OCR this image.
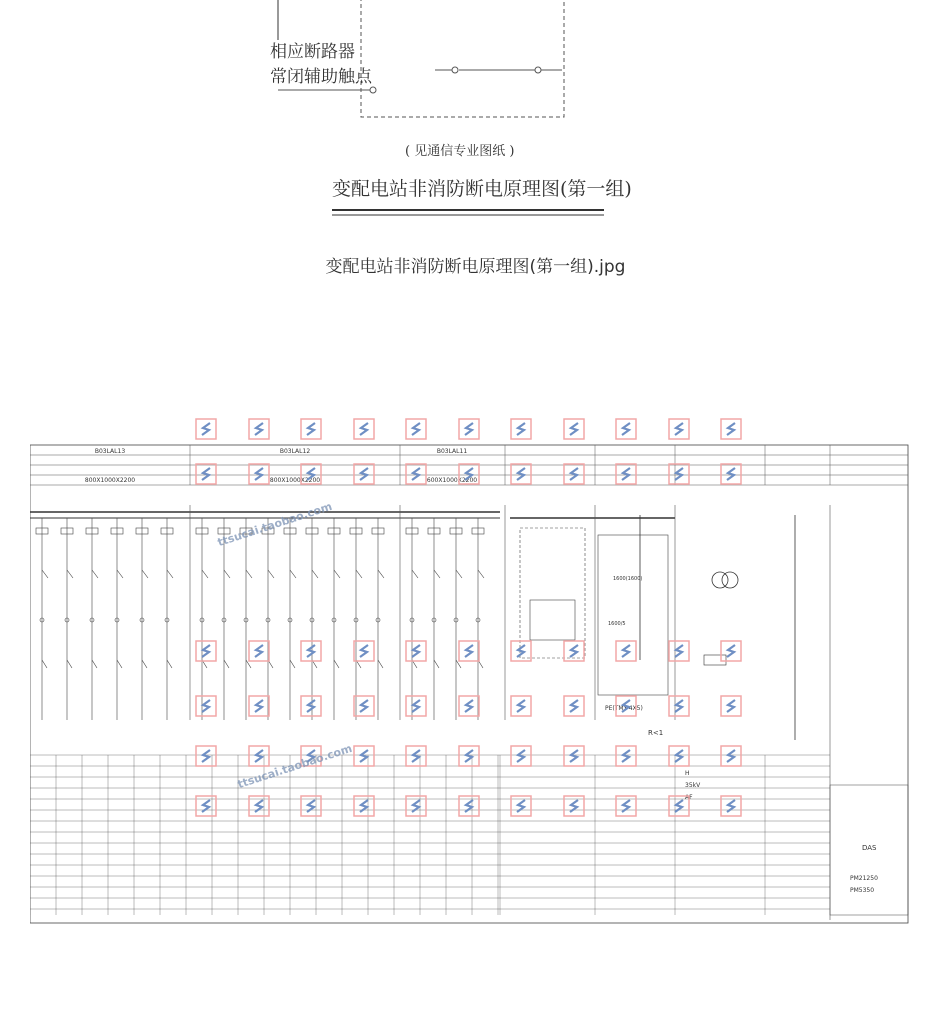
相应断路器
常闭辅助触点
( 见通信专业图纸 )
变配电站非消防断电原理图(第一组)
变配电站非消防断电原理图(第一组).jpg
B03LAL13	B03LAL12	B03LAL11
800X1000X2200	800X1000X2200	600X1000X2200
PE(TMY-4X5)
R<1
1600(1600)
1600/5
H
35kV
AF
DAS
PM21250
PM5350
ttsucai.taobao.com
ttsucai.taobao.com
